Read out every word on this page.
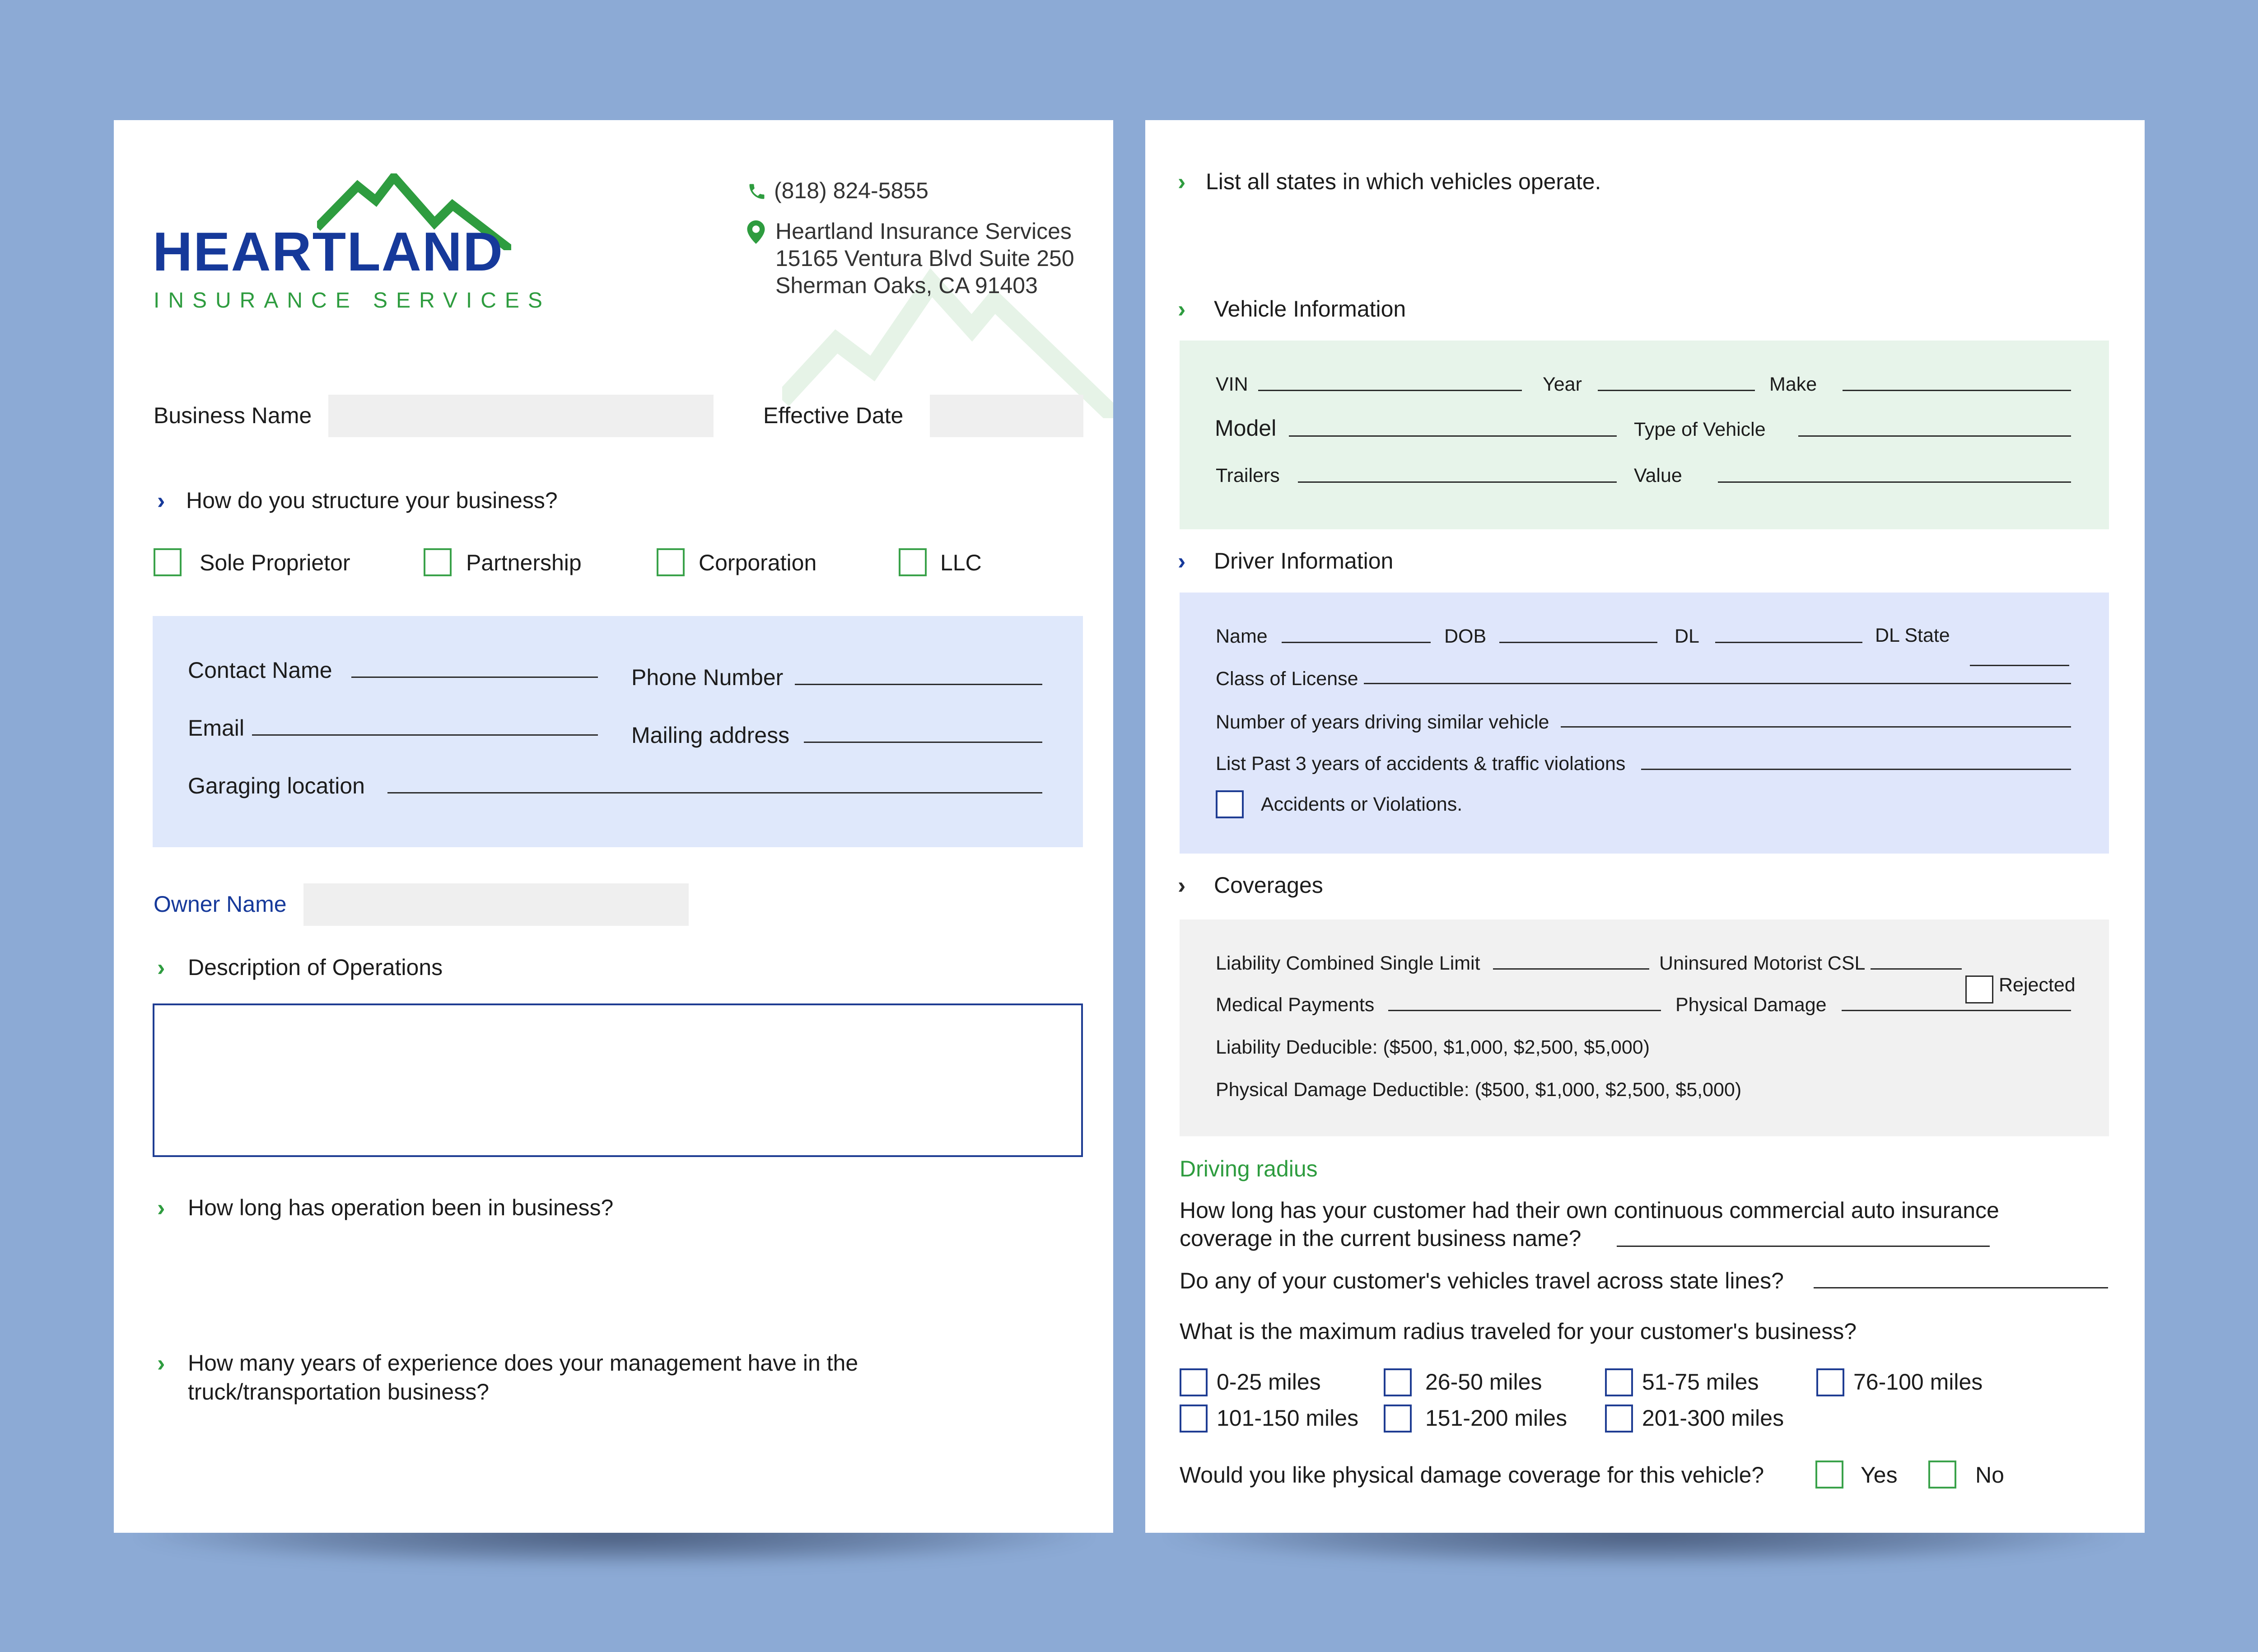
HEARTLAND
INSURANCE SERVICES
(818) 824-5855
Heartland Insurance Services
15165 Ventura Blvd Suite 250
Sherman Oaks, CA 91403
Business Name	Effective Date
› How do you structure your business?
Sole Proprietor	Partnership	Corporation	LLC
Contact Name	Phone Number
Email	Mailing address
Garaging location
Owner Name
› Description of Operations
› How long has operation been in business?
› How many years of experience does your management have in the
truck/transportation business?
› List all states in which vehicles operate.
› Vehicle Information
VIN	Year	Make
Model	Type of Vehicle
Trailers	Value
› Driver Information
Name	DOB	DL	DL State
Class of License
Number of years driving similar vehicle
List Past 3 years of accidents & traffic violations
Accidents or Violations.
› Coverages
Liability Combined Single Limit	Uninsured Motorist CSL
Rejected
Medical Payments	Physical Damage
Liability Deducible: ($500, $1,000, $2,500, $5,000)
Physical Damage Deductible: ($500, $1,000, $2,500, $5,000)
Driving radius
How long has your customer had their own continuous commercial auto insurance
coverage in the current business name?
Do any of your customer's vehicles travel across state lines?
What is the maximum radius traveled for your customer's business?
0-25 miles	26-50 miles	51-75 miles	76-100 miles
101-150 miles	151-200 miles	201-300 miles
Would you like physical damage coverage for this vehicle?	Yes	No
